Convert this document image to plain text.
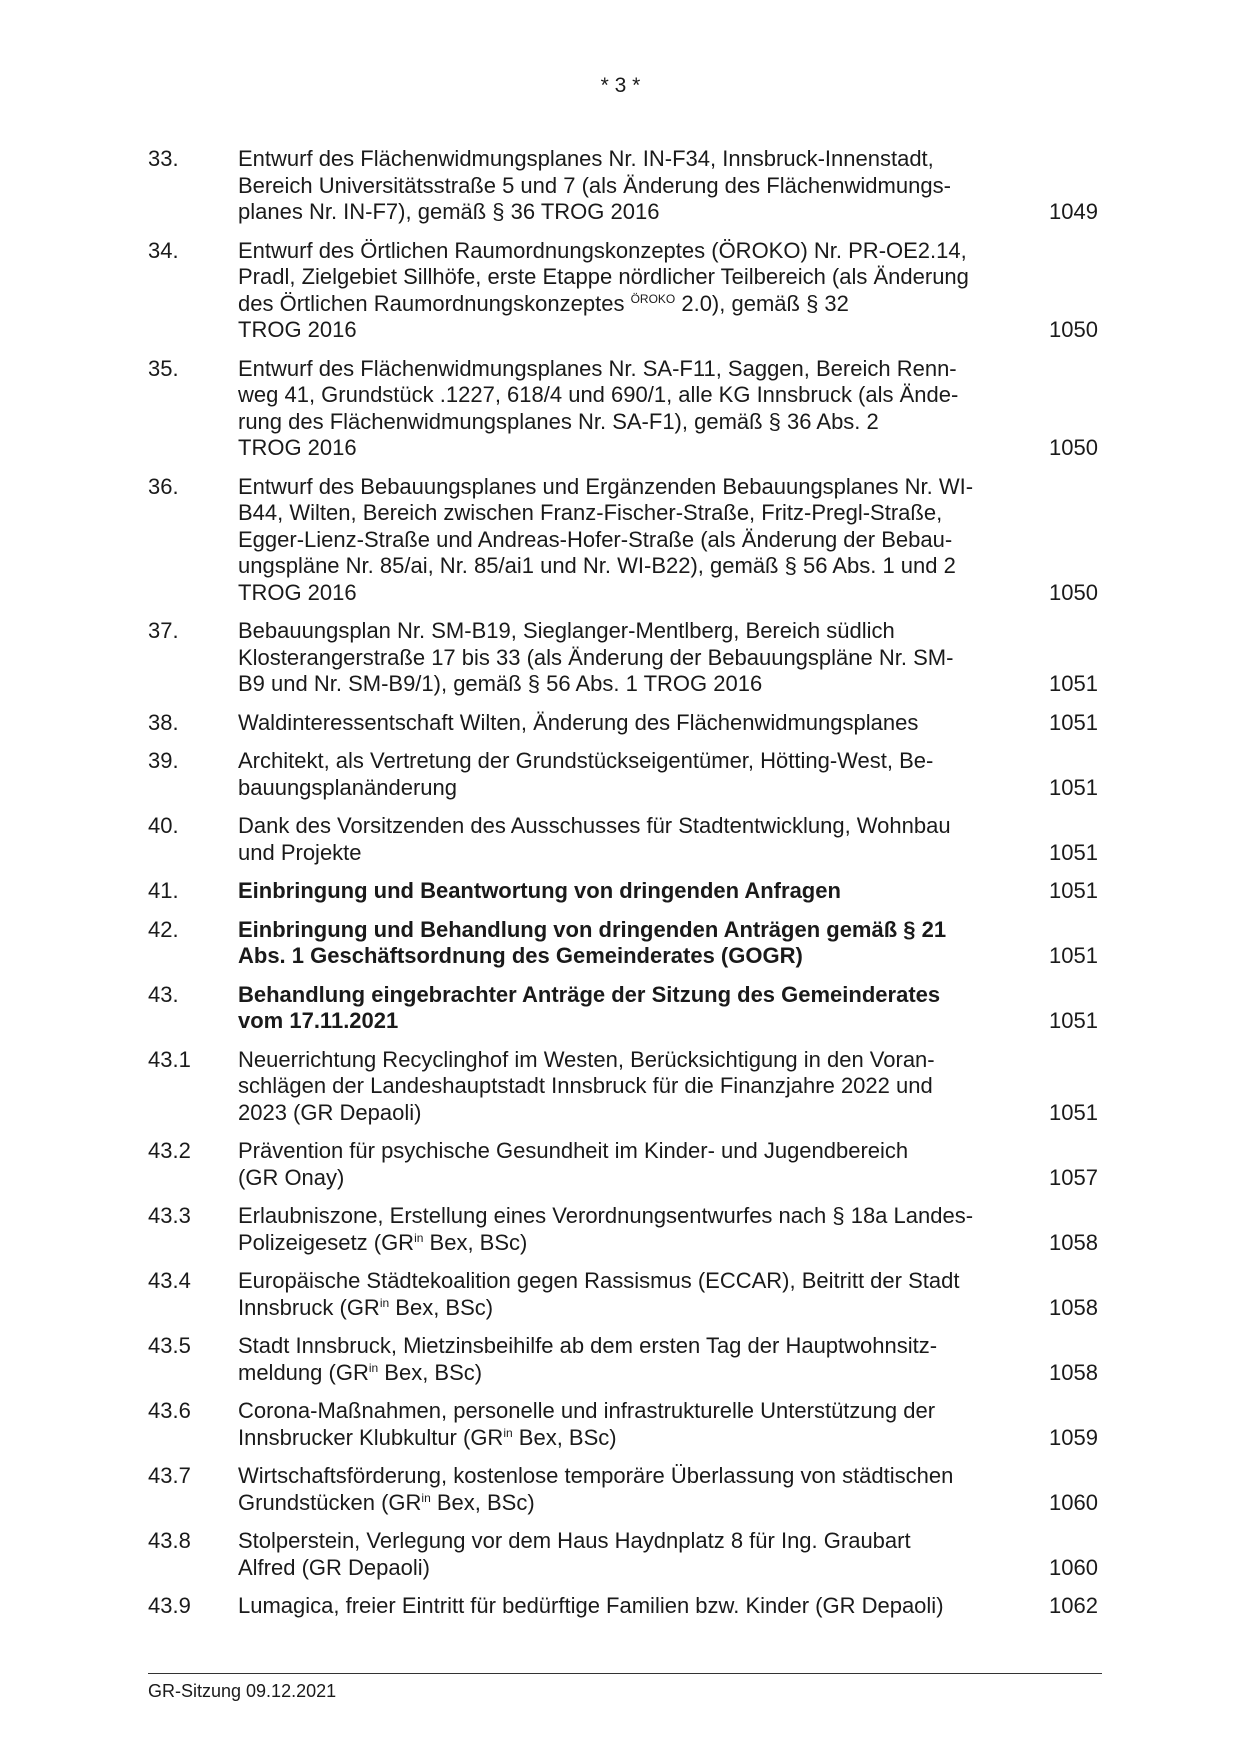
* 3 *
33.	Entwurf des Flächenwidmungsplanes Nr. IN-F34, Innsbruck-Innenstadt,
Bereich Universitätsstraße 5 und 7 (als Änderung des Flächenwidmungs-
planes Nr. IN-F7), gemäß § 36 TROG 2016	1049
34.	Entwurf des Örtlichen Raumordnungskonzeptes (ÖROKO) Nr. PR-OE2.14,
Pradl, Zielgebiet Sillhöfe, erste Etappe nördlicher Teilbereich (als Änderung
des Örtlichen Raumordnungskonzeptes $^{ÖROKO}$ 2.0), gemäß § 32
TROG 2016	1050
35.	Entwurf des Flächenwidmungsplanes Nr. SA-F11, Saggen, Bereich Renn-
weg 41, Grundstück .1227, 618/4 und 690/1, alle KG Innsbruck (als Ände-
rung des Flächenwidmungsplanes Nr. SA-F1), gemäß § 36 Abs. 2
TROG 2016	1050
36.	Entwurf des Bebauungsplanes und Ergänzenden Bebauungsplanes Nr. WI-
B44, Wilten, Bereich zwischen Franz-Fischer-Straße, Fritz-Pregl-Straße,
Egger-Lienz-Straße und Andreas-Hofer-Straße (als Änderung der Bebau-
ungspläne Nr. 85/ai, Nr. 85/ai1 und Nr. WI-B22), gemäß § 56 Abs. 1 und 2
TROG 2016	1050
37.	Bebauungsplan Nr. SM-B19, Sieglanger-Mentlberg, Bereich südlich
Klosterangerstraße 17 bis 33 (als Änderung der Bebauungspläne Nr. SM-
B9 und Nr. SM-B9/1), gemäß § 56 Abs. 1 TROG 2016	1051
38.	Waldinteressentschaft Wilten, Änderung des Flächenwidmungsplanes	1051
39.	Architekt, als Vertretung der Grundstückseigentümer, Hötting-West, Be-
bauungsplanänderung	1051
40.	Dank des Vorsitzenden des Ausschusses für Stadtentwicklung, Wohnbau
und Projekte	1051
41.	Einbringung und Beantwortung von dringenden Anfragen	1051
42.	Einbringung und Behandlung von dringenden Anträgen gemäß § 21
Abs. 1 Geschäftsordnung des Gemeinderates (GOGR)	1051
43.	Behandlung eingebrachter Anträge der Sitzung des Gemeinderates
vom 17.11.2021	1051
43.1	Neuerrichtung Recyclinghof im Westen, Berücksichtigung in den Voran-
schlägen der Landeshauptstadt Innsbruck für die Finanzjahre 2022 und
2023 (GR Depaoli)	1051
43.2	Prävention für psychische Gesundheit im Kinder- und Jugendbereich
(GR Onay)	1057
43.3	Erlaubniszone, Erstellung eines Verordnungsentwurfes nach § 18a Landes-
Polizeigesetz ($GR^{in}$ Bex, BSc)	1058
43.4	Europäische Städtekoalition gegen Rassismus (ECCAR), Beitritt der Stadt
Innsbruck ($GR^{in}$ Bex, BSc)	1058
43.5	Stadt Innsbruck, Mietzinsbeihilfe ab dem ersten Tag der Hauptwohnsitz-
meldung ($GR^{in}$ Bex, BSc)	1058
43.6	Corona-Maßnahmen, personelle und infrastrukturelle Unterstützung der
Innsbrucker Klubkultur ($GR^{in}$ Bex, BSc)	1059
43.7	Wirtschaftsförderung, kostenlose temporäre Überlassung von städtischen
Grundstücken ($GR^{in}$ Bex, BSc)	1060
43.8	Stolperstein, Verlegung vor dem Haus Haydnplatz 8 für Ing. Graubart
Alfred (GR Depaoli)	1060
43.9	Lumagica, freier Eintritt für bedürftige Familien bzw. Kinder (GR Depaoli)	1062
GR-Sitzung 09.12.2021
